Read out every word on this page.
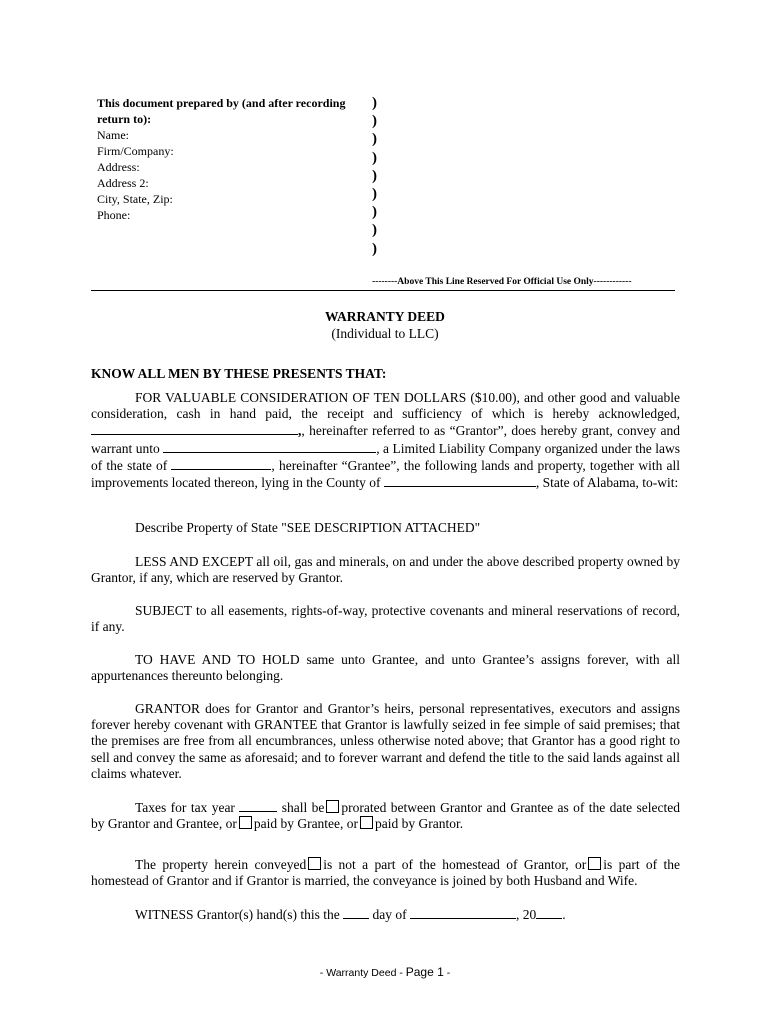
This document prepared by (and after recording
return to):
Name:
Firm/Company:
Address:
Address 2:
City, State, Zip:
Phone:
)
)
)
)
)
)
)
)
)
--------Above This Line Reserved For Official Use Only------------
WARRANTY DEED
(Individual to LLC)
KNOW ALL MEN BY THESE PRESENTS THAT:
FOR VALUABLE CONSIDERATION OF TEN DOLLARS ($10.00), and other good and valuable consideration, cash in hand paid, the receipt and sufficiency of which is hereby acknowledged, ,, hereinafter referred to as “Grantor”, does hereby grant, convey and warrant unto	, a Limited Liability Company organized under the laws of the state of	, hereinafter “Grantee”, the following lands and property, together with all improvements located thereon, lying in the County of	, State of Alabama, to-wit:
Describe Property of State "SEE DESCRIPTION ATTACHED"
LESS AND EXCEPT all oil, gas and minerals, on and under the above described property owned by Grantor, if any, which are reserved by Grantor.
SUBJECT to all easements, rights-of-way, protective covenants and mineral reservations of record, if any.
TO HAVE AND TO HOLD same unto Grantee, and unto Grantee’s assigns forever, with all appurtenances thereunto belonging.
GRANTOR does for Grantor and Grantor’s heirs, personal representatives, executors and assigns forever hereby covenant with GRANTEE that Grantor is lawfully seized in fee simple of said premises; that the premises are free from all encumbrances, unless otherwise noted above; that Grantor has a good right to sell and convey the same as aforesaid; and to forever warrant and defend the title to the said lands against all claims whatever.
Taxes for tax year	shall be prorated between Grantor and Grantee as of the date selected by Grantor and Grantee, or paid by Grantee, or paid by Grantor.
The property herein conveyed is not a part of the homestead of Grantor, or is part of the homestead of Grantor and if Grantor is married, the conveyance is joined by both Husband and Wife.
WITNESS Grantor(s) hand(s) this the day of	, 20 .
- Warranty Deed - Page 1 -
